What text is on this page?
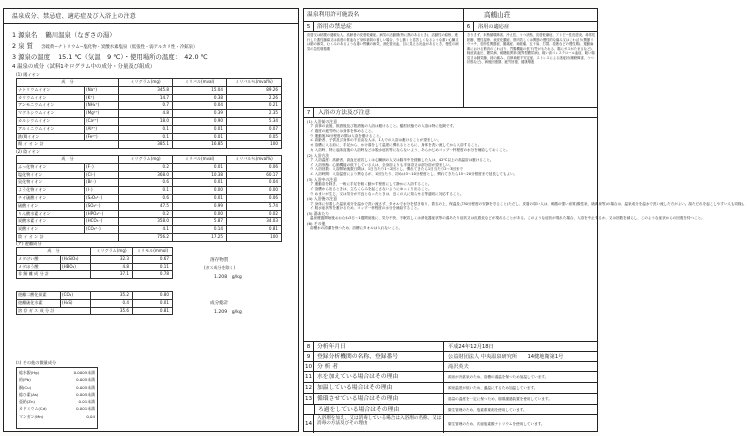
温泉成分、禁忌症、適応症及び入浴上の注意
1 源泉名 鶴川温泉（なぎさの湯）
2 泉 質 含硫黄−ナトリウム−塩化物・炭酸水素塩泉（低張性・弱アルカリ性・冷鉱泉）
3 源泉の温度 15.1 ℃（気温　9 ℃）・使用場所の温度：　42.0 ℃
4 温泉の成分（試料1キログラム中の成分・分量及び組成）
(1) 陽イオン
成　分		ミリグラム(mg)	ミリバル(mval)	ミリバル％(mval%)
ナトリウムイオン	(Na⁺)	345.8	15.04	89.26
カリウムイオン	(K⁺)	14.7	0.38	2.26
アンモニウムイオン	(NH₄⁺)	0.7	0.04	0.21
マグネシウムイオン	(Mg²⁺)	4.8	0.39	2.35
カルシウムイオン	(Ca²⁺)	18.0	0.90	5.34
アルミニウムイオン	(Al³⁺)	0.1	0.01	0.07
鉄(Ⅱ)イオン	(Fe²⁺)	0.1	0.01	0.05
陽 イ オ ン 計		385.1	16.85	100
(2) 陰イオン
成　分		ミリグラム(mg)	ミリバル(mval)	ミリバル％(mval%)
ふっ化物イオン	(F⁻)	0.2	0.01	0.06
塩化物イオン	(Cl⁻)	368.0	10.38	60.17
臭化物イオン	(Br⁻)	0.6	0.01	0.04
よう化物イオン	(I⁻)	0.1	0.00	0.00
チオ硫酸イオン	(S₂O₃²⁻)	0.6	0.01	0.06
硫酸イオン	(SO₄²⁻)	47.5	0.99	5.74
りん酸水素イオン	(HPO₄²⁻)	0.2	0.00	0.02
炭酸水素イオン	(HCO₃⁻)	358.0	5.87	34.03
炭酸イオン	(CO₃²⁻)	4.1	0.14	0.81
陰 イ オ ン 計		756.2	17.25	100
(ア) 遊離成分
成　分		ミリグラム(mg)	ミリモル(mmol)
メタけい酸	(H₂SiO₃)	32.3	0.67
メタほう酸	(HBO₂)	4.8	0.11
非 解 離 成 分 計		37.1	0.78
遊離二酸化炭素	(CO₂)	35.2	0.80
遊離硫化水素	(H₂S)	0.4	0.01
溶 存 ガ ス 成 分 計		35.6	0.81
溶存物質
(ガス成分を除く)
1.208　g/kg
成分総計
1.209　g/kg
(ｴ) その他の微量成分
総水銀(Hg)	0.0005未満
鉛(Pb)	0.005未満
銅(Cu)	0.005未満
総ひ素(As)	0.005未満
亜鉛(Zn)	0.01未満
カドミウム(Cd)	0.001未満
マンガン(Mn)	0.04
温泉利用許可施設名	高鶴山荘
5	浴用の禁忌症	6	浴用の適応症
皮膚又は粘膜の過敏な人、高齢者の皮膚乾燥症。病気の活動期(特に熱のあるとき)、活動性の結核、進行した悪性腫瘍又は高度の貧血など身体衰弱の著しい場合、少し動くと息苦しくなるような重い心臓又は肺の病気、むくみのあるような重い腎臓の病気、消化管出血、目に見える出血があるとき、慢性の病気の急性増悪期
きりきず、末梢循環障害、冷え性、うつ状態、皮膚乾燥症、アトピー性皮膚炎、尋常性乾癬、慢性湿疹、表皮化膿症、筋肉若しくは関節の慢性的な痛み又はこわばり(関節リウマチ、変形性関節症、腰痛症、神経痛、五十肩、打撲、捻挫などの慢性期)、運動麻痺における筋肉のこわばり、胃腸機能の低下(胃がもたれる、腸にガスがたまるなど)、軽症高血圧、糖尿病、耐糖能異常(境界型糖尿病)、軽い高コレステロール血症、軽い喘息又は肺気腫、痔の痛み、自律神経不安定症、ストレスによる諸症状(睡眠障害、うつ状態など)、病後回復期、疲労回復、健康増進
7	入浴の方法及び注意
(1) 入浴前の注意
ア 食事の直後、飲酒後及び飲酒後の入浴は避けること。酩酊状態での入浴は特に危険です。
イ 過度の疲労時には身体を休めること。
ウ 運動後30分程度の間は入浴を避けること。
エ 高齢者、子供及び身体の不自由な人は、1人での入浴は避けることが望ましい。
オ 浴槽に入る前に、手足から、かけ湯をして温度に慣れるとともに、身体を洗い流してから入浴すること。
カ 入浴時、特に起床直後の入浴時などは脱水症状等にならないよう、あらかじめコップ一杯程度の水分を補給しておくこと。
(2) 入浴方法
ア 入浴温度：高齢者、高血圧症若しくは心臓病の人又は脳卒中を経験した人は、42℃以上の高温浴は避けること。
イ 入浴形態：心肺機能の低下している人は、全身浴よりも半身浴又は部分浴が望ましい。
ウ 入浴回数：入浴開始後数日間は、1日当たり1〜2回とし、慣れてきたら1日当たり2〜3回まで
エ 入浴時間：入浴温度により異なるが、1回当たり、初めは3〜10分程度とし、慣れてきたら15〜20分程度まで延長してもよい。
(3) 入浴中の注意
ア 運動浴を除き、一般に手足を軽く動かす程度にして静かに入浴すること。
イ 浴槽から出るときは、立ちくらみを起こさないようにゆっくり出ること。
ウ めまいが生じ、又は気分が不良となったときは、近くの人に知らせる等適切に対応すること。
(4) 入浴後の注意
ア 身体に付着した温泉成分を温水で洗い流さず、タオルで水分を拭き取り、着衣の上、保温及び30分程度の安静を守ること(ただし、皮膚の弱い人は、刺激の強い泉質(酸性泉、硫黄泉等)の場合は、温泉成分を温水で洗い流した方がよい。湯ただれを起こしやすい人も同様)。
イ 脱水症状等を避けるため、コップ一杯程度の水分を補給すること。
(5) 湯あたり
温泉療養開始後おおむね3日〜1週間前後に、気分不快、不眠若しくは消化器症状等の湯あたり症状又は皮膚炎などが現れることがある。このような症状が現れた場合、入浴を中止するか、又は回数を減らし、このような症状からの回復を待つこと。
(6) その他
浴槽水の清潔を保つため、浴槽にタオルは入れないこと。
8	分析年月日	平成24年12月18日
9	登録分析機関の名称、登録番号	公益財団法人 中央温泉研究所　　14健地衛第1号
10 分 析 者	滝沢英夫
11 水を加えている場合はその理由	源泉が冷鉱泉のため、浴槽の湯温を保つため加温しています。
12 加温している場合はその理由	源泉温度が低いため、適温にするため加温しています。
13 循環させている場合はその理由	湯量の温度を一定に保つため、循環濾過装置を使用しています。
ろ過をしている場合はその理由	衛生管理のため、塩素系薬剤を使用しています。
14
入浴剤を加え、又は消毒している場合は入浴剤の名称、又は消毒の方法及びその理由	衛生管理のため、次亜塩素酸ナトリウムを使用しています。
